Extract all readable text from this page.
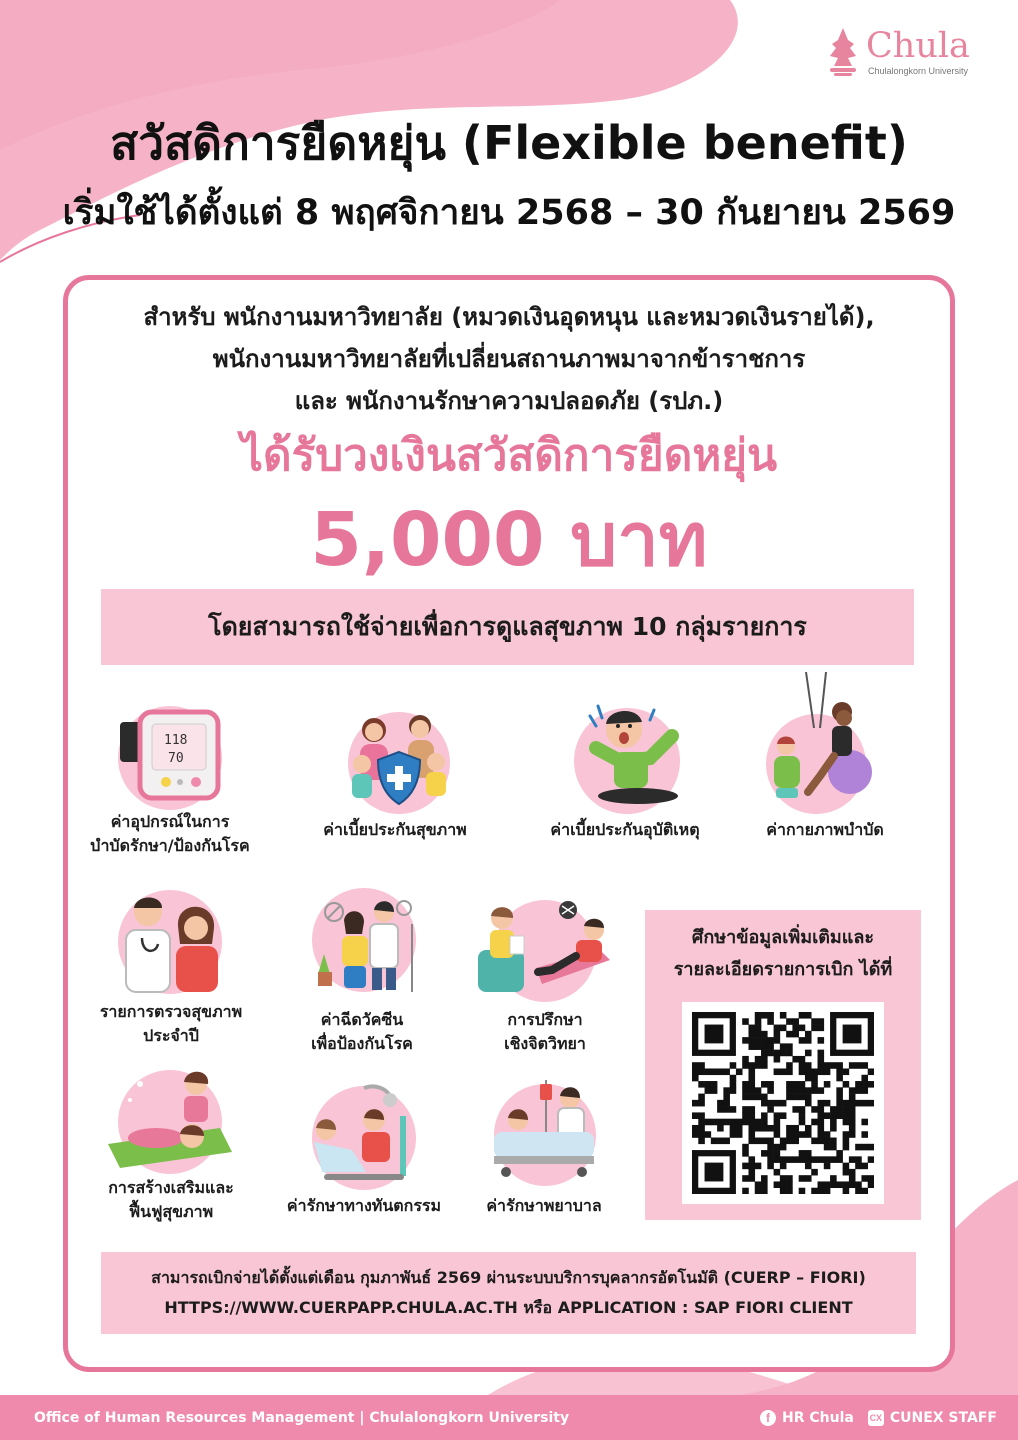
Chula
Chulalongkorn University
สวัสดิการยืดหยุ่น (Flexible benefit)
เริ่มใช้ได้ตั้งแต่ 8 พฤศจิกายน 2568 – 30 กันยายน 2569
สำหรับ พนักงานมหาวิทยาลัย (หมวดเงินอุดหนุน และหมวดเงินรายได้),
พนักงานมหาวิทยาลัยที่เปลี่ยนสถานภาพมาจากข้าราชการ
และ พนักงานรักษาความปลอดภัย (รปภ.)
ได้รับวงเงินสวัสดิการยืดหยุ่น
5,000 บาท
โดยสามารถใช้จ่ายเพื่อการดูแลสุขภาพ 10 กลุ่มรายการ
118
70
ค่าอุปกรณ์ในการ
บำบัดรักษา/ป้องกันโรค
ค่าเบี้ยประกันสุขภาพ	ค่าเบี้ยประกันอุบัติเหตุ	ค่ากายภาพบำบัด
รายการตรวจสุขภาพ
ประจำปี
ค่าฉีดวัคซีน
เพื่อป้องกันโรค
การปรึกษา
เชิงจิตวิทยา
การสร้างเสริมและ
ฟื้นฟูสุขภาพ	ค่ารักษาทางทันตกรรม	ค่ารักษาพยาบาล
ศึกษาข้อมูลเพิ่มเติมและ
รายละเอียดรายการเบิก ได้ที่
สามารถเบิกจ่ายได้ตั้งแต่เดือน กุมภาพันธ์ 2569 ผ่านระบบบริการบุคลากรอัตโนมัติ (CUERP – FIORI)
HTTPS://WWW.CUERPAPP.CHULA.AC.TH หรือ APPLICATION : SAP FIORI CLIENT
Office of Human Resources Management | Chulalongkorn University	f HR Chula CX CUNEX STAFF
